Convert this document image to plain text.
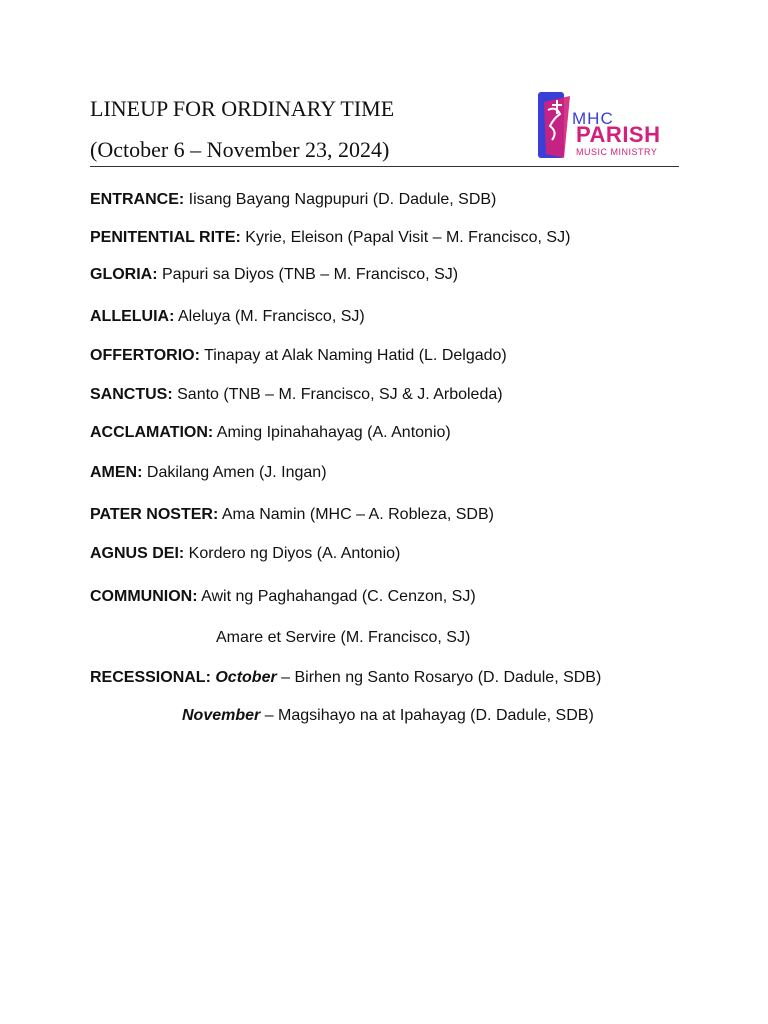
LINEUP FOR ORDINARY TIME
(October 6 – November 23, 2024)
MHC
PARISH
MUSIC MINISTRY
ENTRANCE: Iisang Bayang Nagpupuri (D. Dadule, SDB)
PENITENTIAL RITE: Kyrie, Eleison (Papal Visit – M. Francisco, SJ)
GLORIA: Papuri sa Diyos (TNB – M. Francisco, SJ)
ALLELUIA: Aleluya (M. Francisco, SJ)
OFFERTORIO: Tinapay at Alak Naming Hatid (L. Delgado)
SANCTUS: Santo (TNB – M. Francisco, SJ & J. Arboleda)
ACCLAMATION: Aming Ipinahahayag (A. Antonio)
AMEN: Dakilang Amen (J. Ingan)
PATER NOSTER: Ama Namin (MHC – A. Robleza, SDB)
AGNUS DEI: Kordero ng Diyos (A. Antonio)
COMMUNION: Awit ng Paghahangad (C. Cenzon, SJ)
Amare et Servire (M. Francisco, SJ)
RECESSIONAL: October – Birhen ng Santo Rosaryo (D. Dadule, SDB)
November – Magsihayo na at Ipahayag (D. Dadule, SDB)
